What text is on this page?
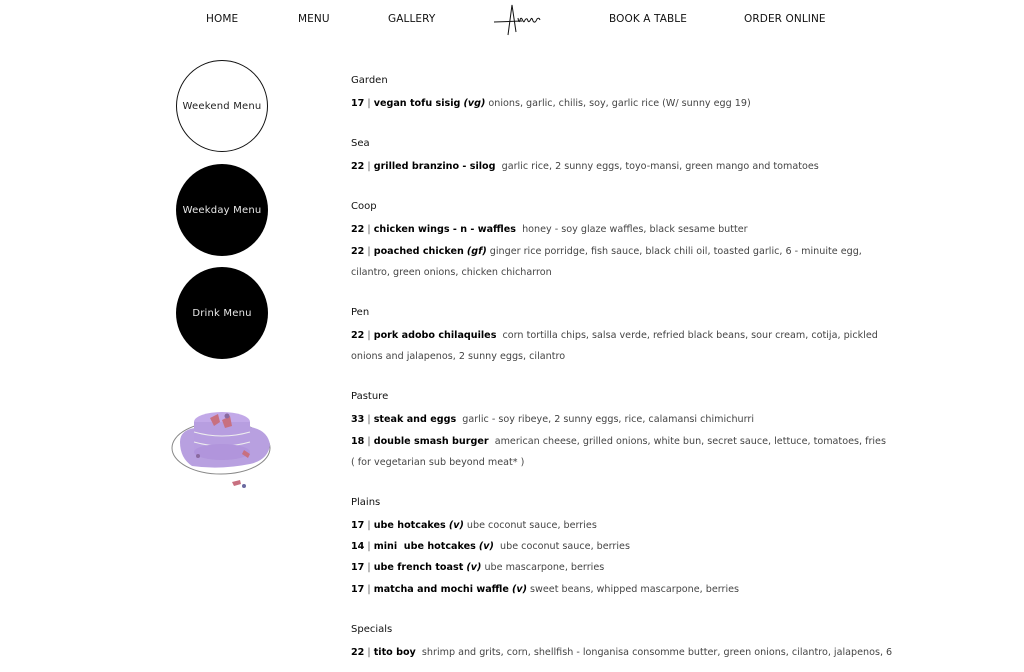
HOME	MENU	GALLERY	BOOK A TABLE	ORDER ONLINE
Weekend Menu
Weekday Menu
Drink Menu
Garden
17 | vegan tofu sisig (vg) onions, garlic, chilis, soy, garlic rice (W/ sunny egg 19)
Sea
22 | grilled branzino - silog garlic rice, 2 sunny eggs, toyo-mansi, green mango and tomatoes
Coop
22 | chicken wings - n - waffles honey - soy glaze waffles, black sesame butter
22 | poached chicken (gf) ginger rice porridge, fish sauce, black chili oil, toasted garlic, 6 - minuite egg,
cilantro, green onions, chicken chicharron
Pen
22 | pork adobo chilaquiles corn tortilla chips, salsa verde, refried black beans, sour cream, cotija, pickled
onions and jalapenos, 2 sunny eggs, cilantro
Pasture
33 | steak and eggs garlic - soy ribeye, 2 sunny eggs, rice, calamansi chimichurri
18 | double smash burger american cheese, grilled onions, white bun, secret sauce, lettuce, tomatoes, fries
( for vegetarian sub beyond meat* )
Plains
17 | ube hotcakes (v) ube coconut sauce, berries
14 | mini  ube hotcakes (v) ube coconut sauce, berries
17 | ube french toast (v) ube mascarpone, berries
17 | matcha and mochi waffle (v) sweet beans, whipped mascarpone, berries
Specials
22 | tito boy shrimp and grits, corn, shellfish - longanisa consomme butter, green onions, cilantro, jalapenos, 6
